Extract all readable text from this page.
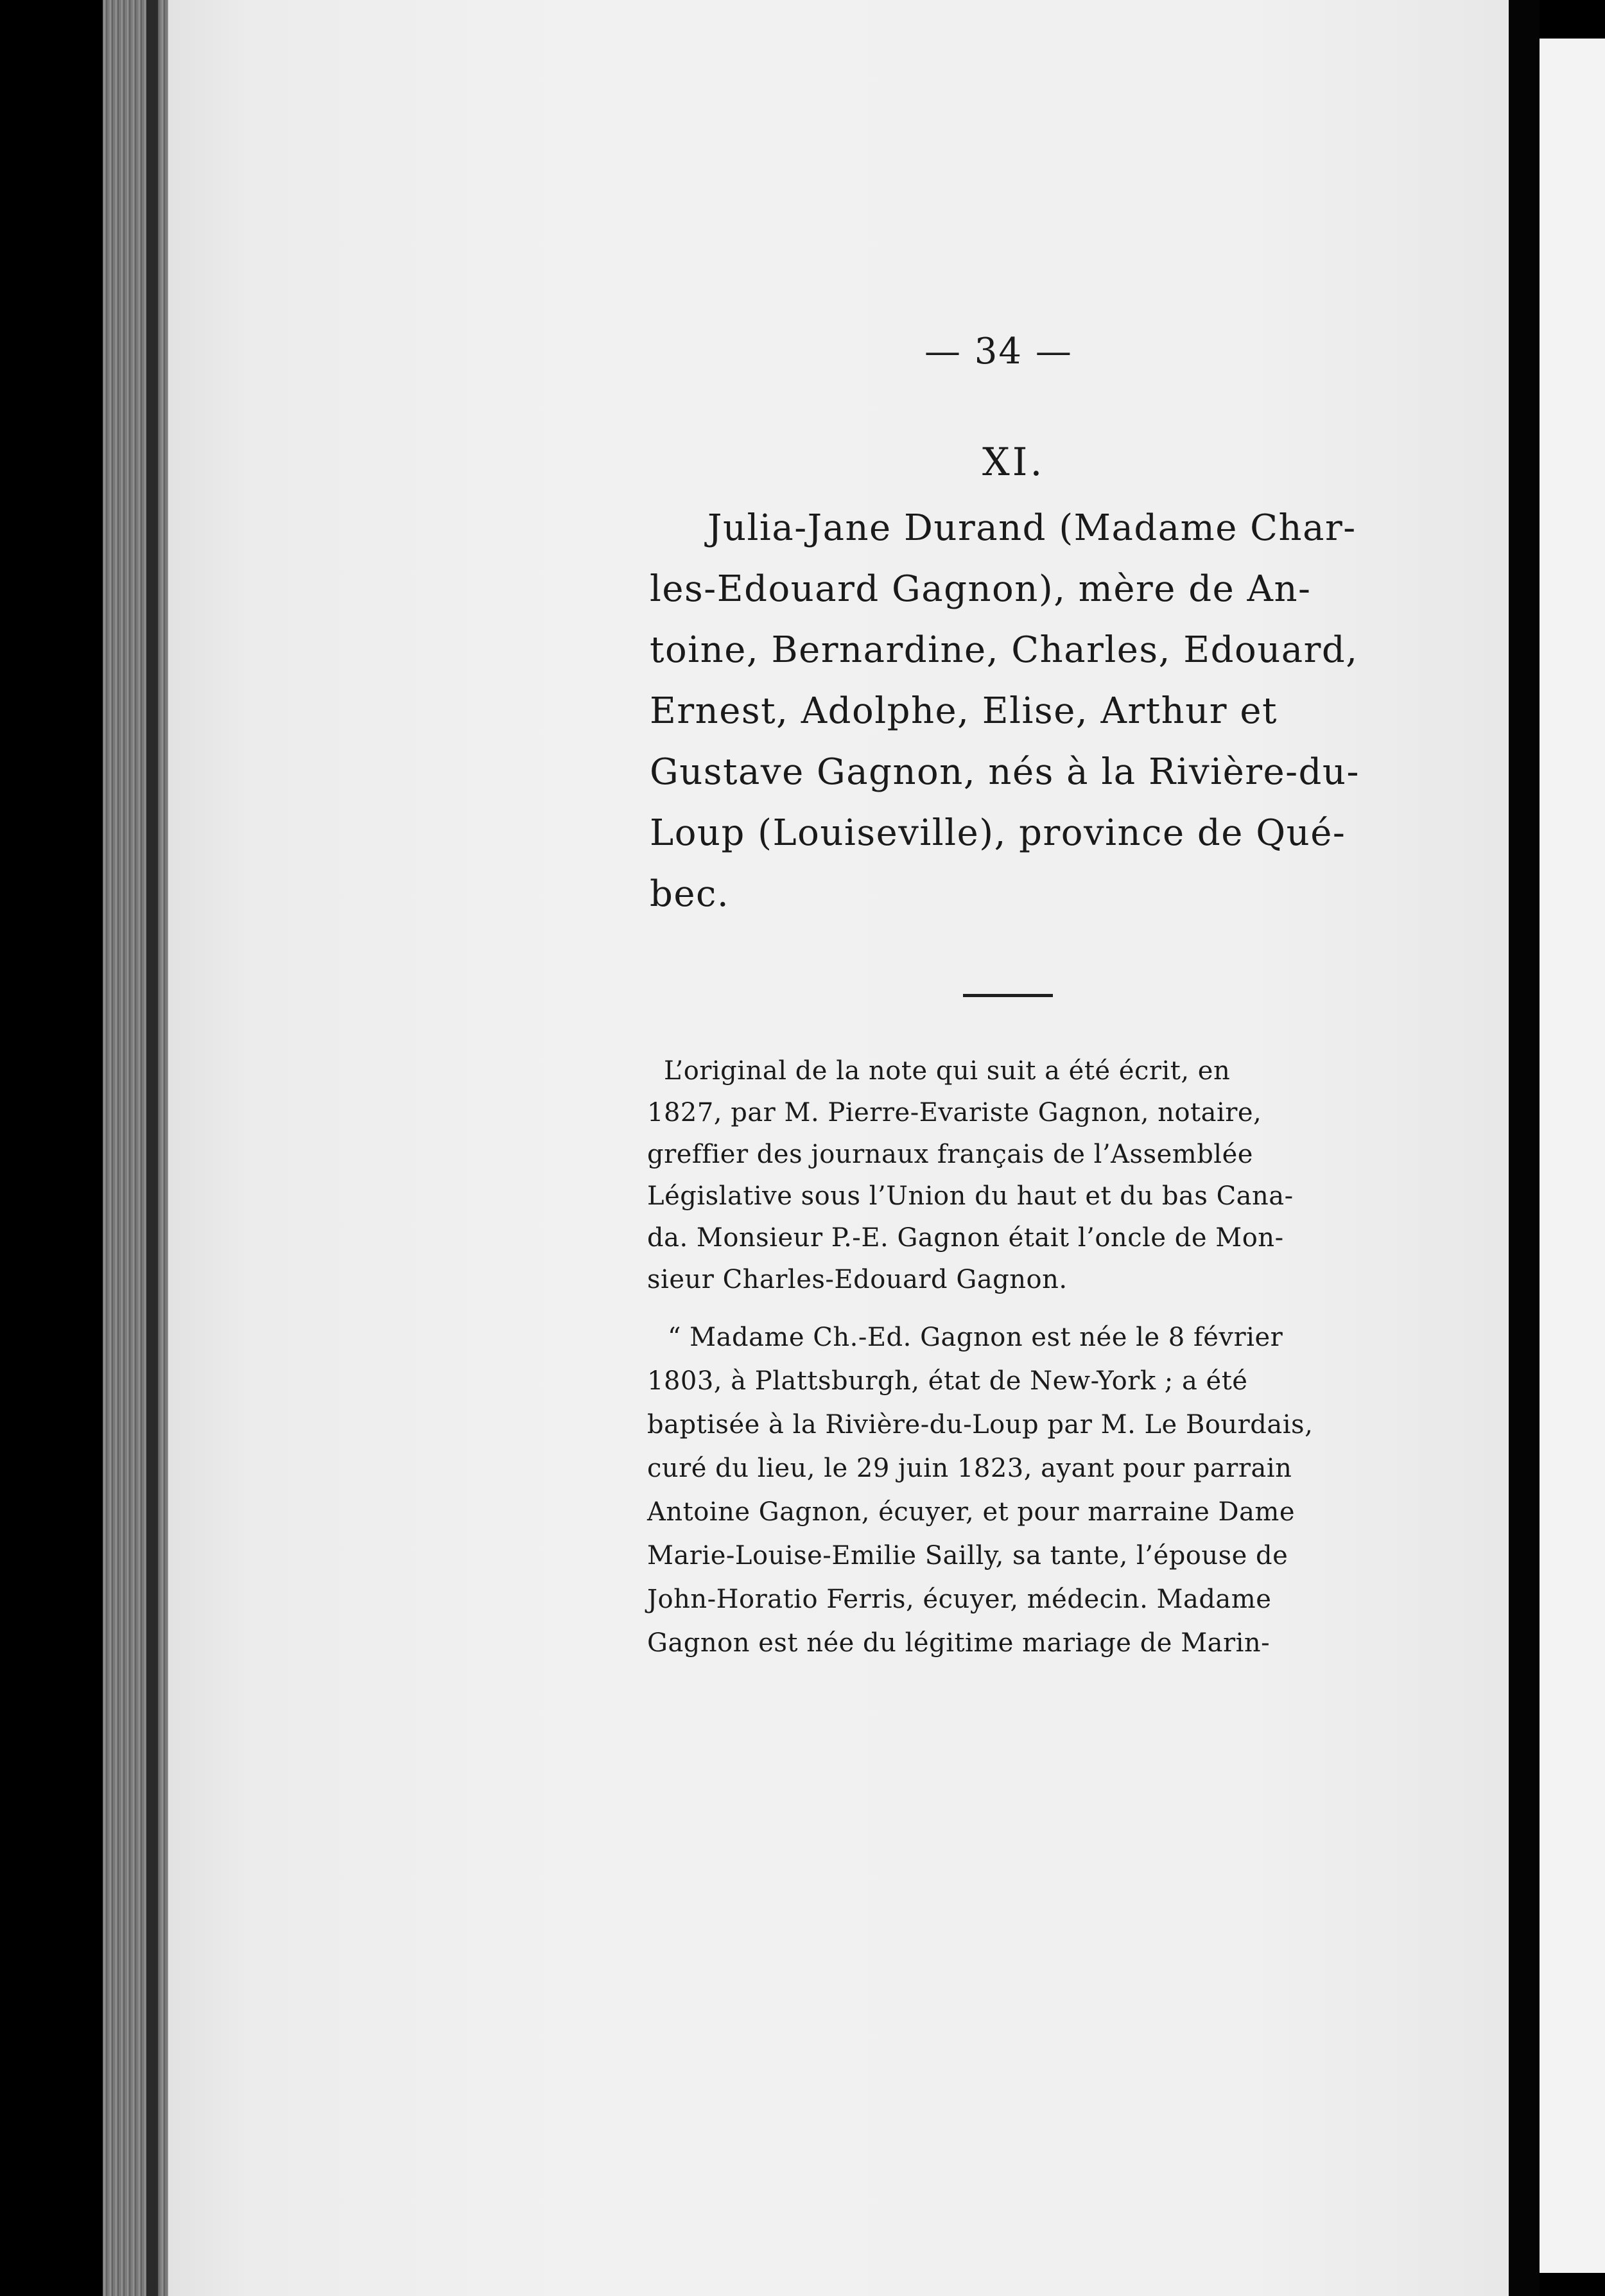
— 34 —
XI.
Julia-Jane Durand (Madame Char-
les-Edouard Gagnon), mère de An-
toine, Bernardine, Charles, Edouard,
Ernest, Adolphe, Elise, Arthur et
Gustave Gagnon, nés à la Rivière-du-
Loup (Louiseville), province de Qué-
bec.
L’original de la note qui suit a été écrit, en
1827, par M. Pierre-Evariste Gagnon, notaire,
greffier des journaux français de l’Assemblée
Législative sous l’Union du haut et du bas Cana-
da. Monsieur P.-E. Gagnon était l’oncle de Mon-
sieur Charles-Edouard Gagnon.
“ Madame Ch.-Ed. Gagnon est née le 8 février
1803, à Plattsburgh, état de New-York ; a été
baptisée à la Rivière-du-Loup par M. Le Bourdais,
curé du lieu, le 29 juin 1823, ayant pour parrain
Antoine Gagnon, écuyer, et pour marraine Dame
Marie-Louise-Emilie Sailly, sa tante, l’épouse de
John-Horatio Ferris, écuyer, médecin. Madame
Gagnon est née du légitime mariage de Marin-
